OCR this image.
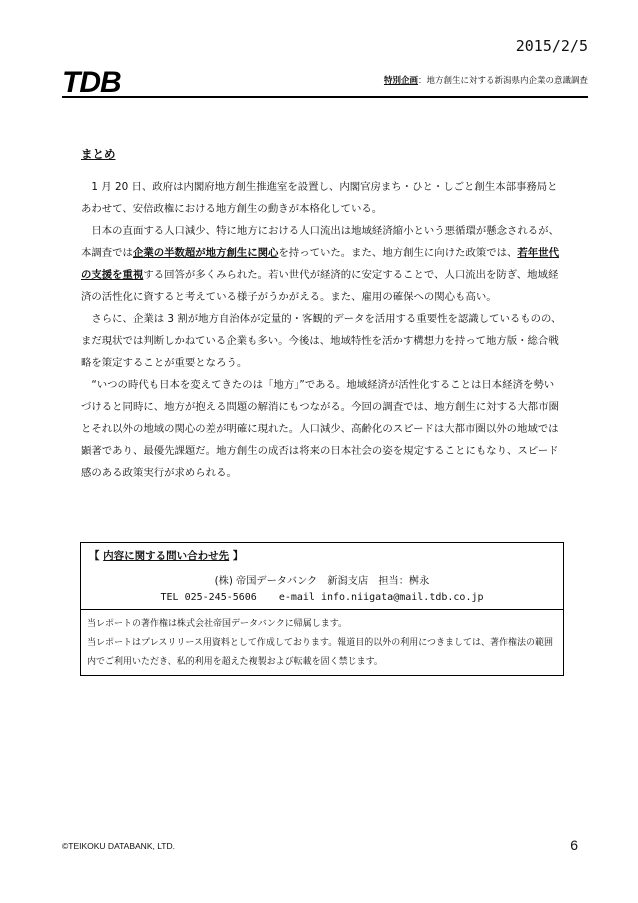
2015/2/5
TDB	特別企画：地方創生に対する新潟県内企業の意識調査
まとめ

1 月 20 日、政府は内閣府地方創生推進室を設置し、内閣官房まち・ひと・しごと創生本部事務局とあわせて、安倍政権における地方創生の動きが本格化している。

日本の直面する人口減少、特に地方における人口流出は地域経済縮小という悪循環が懸念されるが、本調査では企業の半数超が地方創生に関心を持っていた。また、地方創生に向けた政策では、若年世代の支援を重視する回答が多くみられた。若い世代が経済的に安定することで、人口流出を防ぎ、地域経済の活性化に資すると考えている様子がうかがえる。また、雇用の確保への関心も高い。

さらに、企業は 3 割が地方自治体が定量的・客観的データを活用する重要性を認識しているものの、まだ現状では判断しかねている企業も多い。今後は、地域特性を活かす構想力を持って地方版・総合戦略を策定することが重要となろう。

“いつの時代も日本を変えてきたのは「地方」”である。地域経済が活性化することは日本経済を勢いづけると同時に、地方が抱える問題の解消にもつながる。今回の調査では、地方創生に対する大都市圏とそれ以外の地域の関心の差が明確に現れた。人口減少、高齢化のスピードは大都市圏以外の地域では顕著であり、最優先課題だ。地方創生の成否は将来の日本社会の姿を規定することにもなり、スピード感のある政策実行が求められる。

【 内容に関する問い合わせ先 】
(株) 帝国データバンク　新潟支店　担当：桝永
TEL 025-245-5606 e-mail info.niigata@mail.tdb.co.jp

当レポートの著作権は株式会社帝国データバンクに帰属します。

当レポートはプレスリリース用資料として作成しております。報道目的以外の利用につきましては、著作権法の範囲内でご利用いただき、私的利用を超えた複製および転載を固く禁じます。

©TEIKOKU DATABANK, LTD.	6
